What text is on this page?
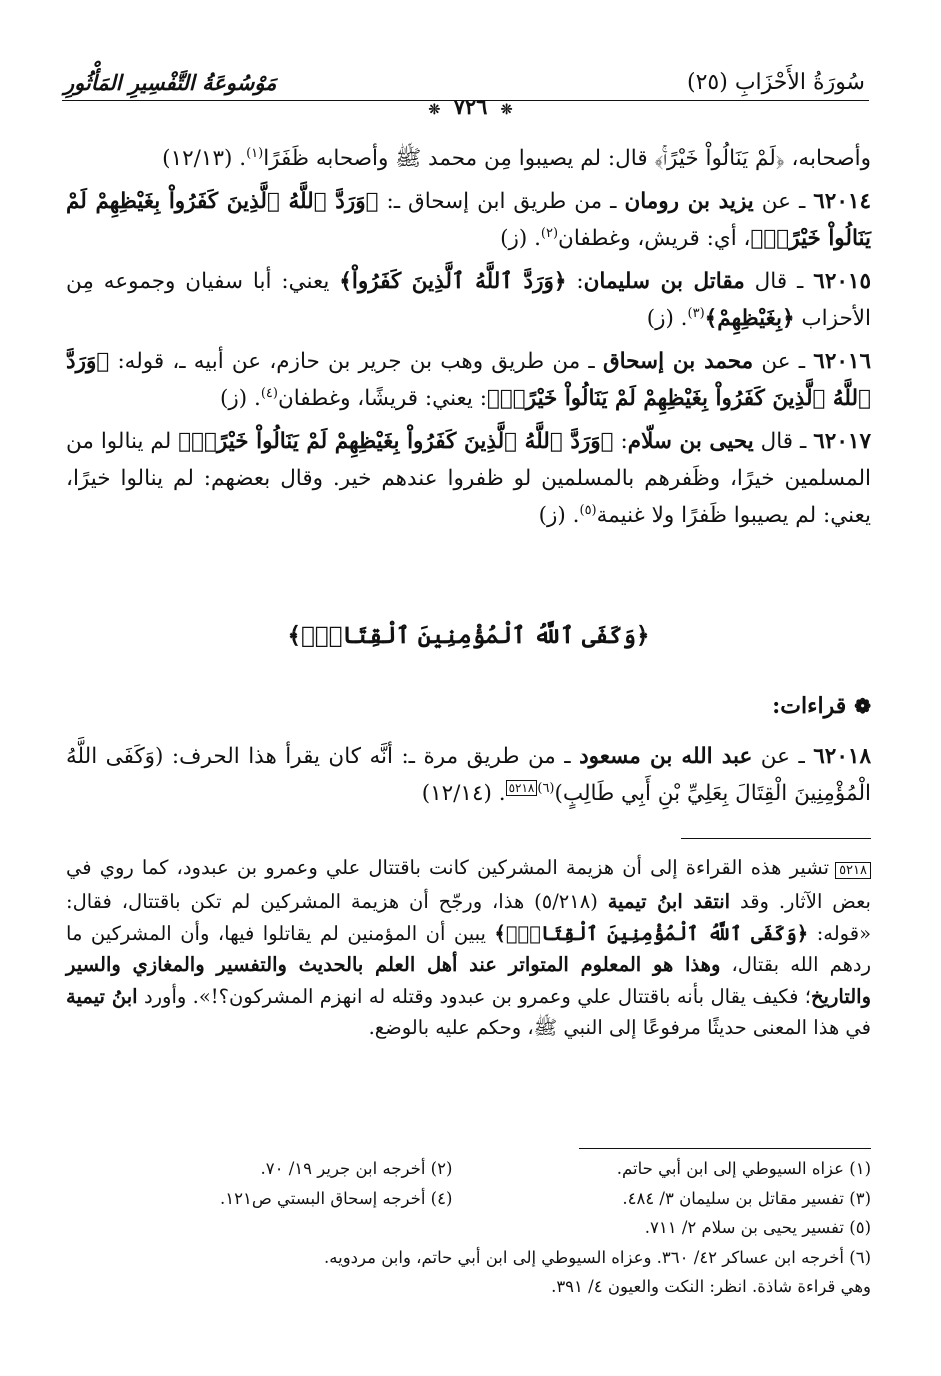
سُورَةُ الأَحْزَابِ (٢٥)
مَوْسُوعَةُ التَّفْسِيرِ المَأْثُورِ
❊ ٧٢٦ ❊

وأصحابه، ﴿لَمْ يَنَالُواْ خَيْرًاۚ﴾ قال: لم يصيبوا مِن محمد ﷺ وأصحابه ظَفَرًا$^{(١)}$. (١٢/١٣)

٦٢٠١٤ ـ عن يزيد بن رومان ـ من طريق ابن إسحاق ـ: ﴿وَرَدَّ ٱللَّهُ ٱلَّذِينَ كَفَرُواْ بِغَيْظِهِمْ لَمْ يَنَالُواْ خَيْرًاۚ﴾، أي: قريش، وغطفان$^{(٢)}$. (ز)

٦٢٠١٥ ـ قال مقاتل بن سليمان: ﴿وَرَدَّ ٱللَّهُ ٱلَّذِينَ كَفَرُواْ﴾ يعني: أبا سفيان وجموعه مِن الأحزاب ﴿بِغَيْظِهِمْ﴾$^{(٣)}$. (ز)

٦٢٠١٦ ـ عن محمد بن إسحاق ـ من طريق وهب بن جرير بن حازم، عن أبيه ـ، قوله: ﴿وَرَدَّ ٱللَّهُ ٱلَّذِينَ كَفَرُواْ بِغَيْظِهِمْ لَمْ يَنَالُواْ خَيْرًاۚ﴾: يعني: قريشًا، وغطفان$^{(٤)}$. (ز)

٦٢٠١٧ ـ قال يحيى بن سلّام: ﴿وَرَدَّ ٱللَّهُ ٱلَّذِينَ كَفَرُواْ بِغَيْظِهِمْ لَمْ يَنَالُواْ خَيْرًاۚ﴾ لم ينالوا من المسلمين خيرًا، وظَفرهم بالمسلمين لو ظفروا عندهم خير. وقال بعضهم: لم ينالوا خيرًا، يعني: لم يصيبوا ظَفرًا ولا غنيمة$^{(٥)}$. (ز)

﴿وَكَفَى ٱللَّهُ ٱلْمُؤْمِنِينَ ٱلْقِتَالَۚ﴾
❁قراءات:

٦٢٠١٨ ـ عن عبد الله بن مسعود ـ من طريق مرة ـ: أنَّه كان يقرأ هذا الحرف: (وَكَفَى اللَّهُ الْمُؤْمِنِينَ الْقِتَالَ بِعَلِيِّ بْنِ أَبِي طَالِبٍ)$^{(٦)٥٢١٨}$. (١٢/١٤)

٥٢١٨تشير هذه القراءة إلى أن هزيمة المشركين كانت باقتتال علي وعمرو بن عبدود، كما روي في بعض الآثار. وقد انتقد ابنُ تيمية (٥/٢١٨) هذا، ورجّح أن هزيمة المشركين لم تكن باقتتال، فقال: «قوله: ﴿وَكَفَى ٱللَّهُ ٱلْمُؤْمِنِينَ ٱلْقِتَالَۚ﴾ يبين أن المؤمنين لم يقاتلوا فيها، وأن المشركين ما ردهم الله بقتال، وهذا هو المعلوم المتواتر عند أهل العلم بالحديث والتفسير والمغازي والسير والتاريخ؛ فكيف يقال بأنه باقتتال علي وعمرو بن عبدود وقتله له انهزم المشركون؟!». وأورد ابنُ تيمية في هذا المعنى حديثًا مرفوعًا إلى النبي ﷺ، وحكم عليه بالوضع.
(١) عزاه السيوطي إلى ابن أبي حاتم.
(٢) أخرجه ابن جرير ١٩/ ٧٠.
(٣) تفسير مقاتل بن سليمان ٣/ ٤٨٤.
(٤) أخرجه إسحاق البستي ص١٢١.
(٥) تفسير يحيى بن سلام ٢/ ٧١١.
(٦) أخرجه ابن عساكر ٤٢/ ٣٦٠. وعزاه السيوطي إلى ابن أبي حاتم، وابن مردويه.
وهي قراءة شاذة. انظر: النكت والعيون ٤/ ٣٩١.
